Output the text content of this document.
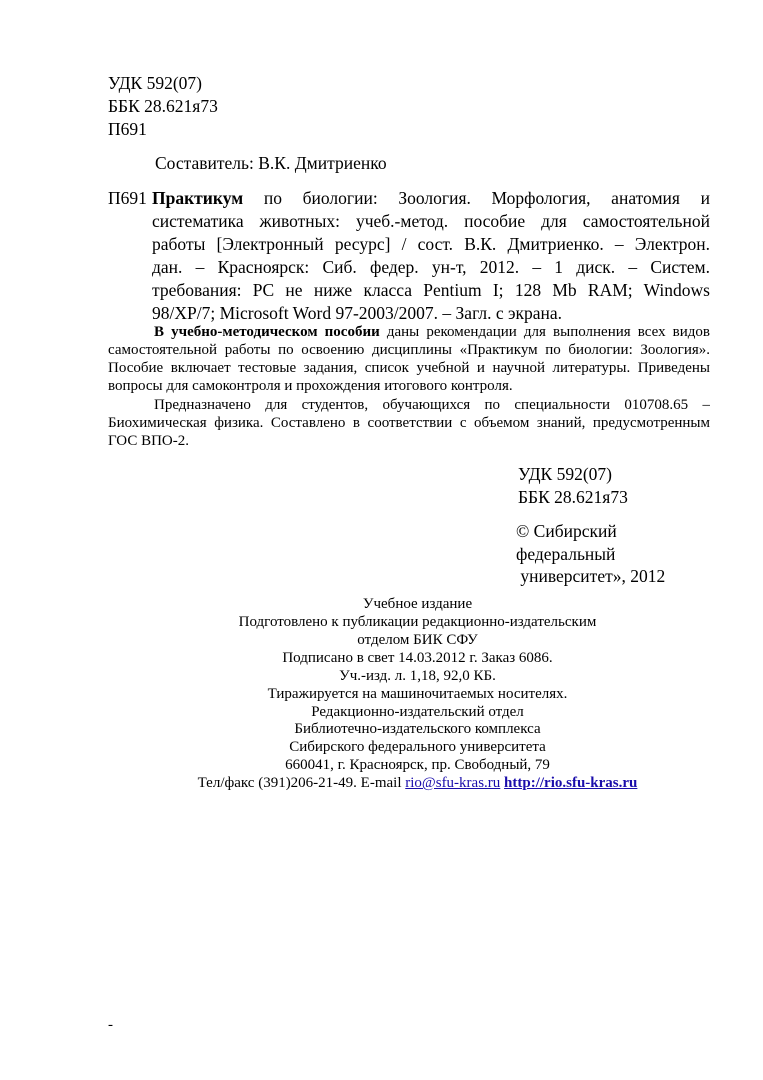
УДК 592(07)
ББК 28.621я73
П691
Составитель: В.К. Дмитриенко
П691 Практикум по биологии: Зоология. Морфология, анатомия и
систематика животных: учеб.-метод. пособие для самостоятельной
работы [Электронный ресурс] / сост. В.К. Дмитриенко. – Электрон.
дан. – Красноярск: Сиб. федер. ун-т, 2012. – 1 диск. – Систем.
требования: PC не ниже класса Pentium I; 128 Mb RAM; Windows
98/XP/7; Microsoft Word 97-2003/2007. – Загл. с экрана.
В учебно-методическом пособии даны рекомендации для выполнения всех видов
самостоятельной работы по освоению дисциплины «Практикум по биологии: Зоология».
Пособие включает тестовые задания, список учебной и научной литературы. Приведены
вопросы для самоконтроля и прохождения итогового контроля.
Предназначено для студентов, обучающихся по специальности 010708.65 –
Биохимическая физика. Составлено в соответствии с объемом знаний, предусмотренным
ГОС ВПО-2.
УДК 592(07)
ББК 28.621я73
© Сибирский
федеральный
университет», 2012
Учебное издание
Подготовлено к публикации редакционно-издательским
отделом БИК СФУ
Подписано в свет 14.03.2012 г. Заказ 6086.
Уч.-изд. л. 1,18, 92,0 КБ.
Тиражируется на машиночитаемых носителях.
Редакционно-издательский отдел
Библиотечно-издательского комплекса
Сибирского федерального университета
660041, г. Красноярск, пр. Свободный, 79
Тел/факс (391)206-21-49. E-mail rio@sfu-kras.ru http://rio.sfu-kras.ru
-
